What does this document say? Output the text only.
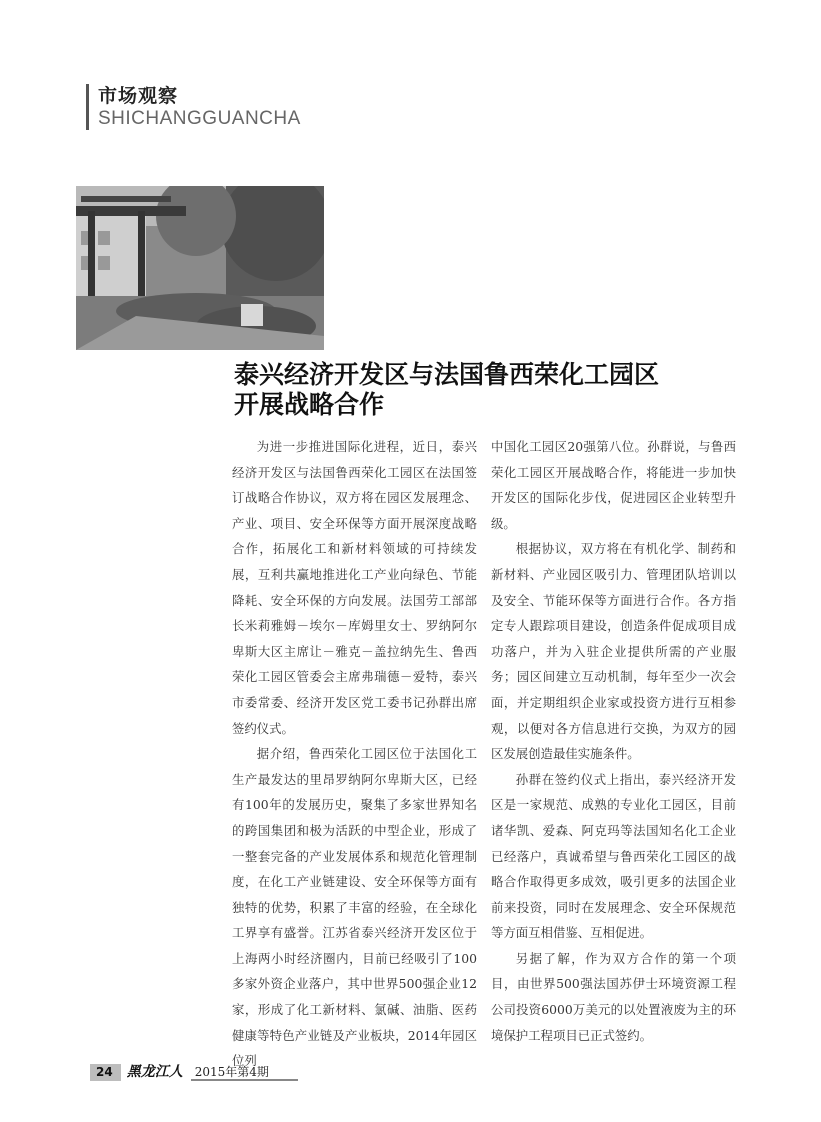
市场观察
SHICHANGGUANCHA
泰兴经济开发区与法国鲁西荣化工园区
开展战略合作

为进一步推进国际化进程，近日，泰兴经济开发区与法国鲁西荣化工园区在法国签订战略合作协议，双方将在园区发展理念、产业、项目、安全环保等方面开展深度战略合作，拓展化工和新材料领域的可持续发展，互利共赢地推进化工产业向绿色、节能降耗、安全环保的方向发展。法国劳工部部长米莉雅姆－埃尔－库姆里女士、罗纳阿尔卑斯大区主席让－雅克－盖拉纳先生、鲁西荣化工园区管委会主席弗瑞德－爱特，泰兴市委常委、经济开发区党工委书记孙群出席签约仪式。

据介绍，鲁西荣化工园区位于法国化工生产最发达的里昂罗纳阿尔卑斯大区，已经有100年的发展历史，聚集了多家世界知名的跨国集团和极为活跃的中型企业，形成了一整套完备的产业发展体系和规范化管理制度，在化工产业链建设、安全环保等方面有独特的优势，积累了丰富的经验，在全球化工界享有盛誉。江苏省泰兴经济开发区位于上海两小时经济圈内，目前已经吸引了100多家外资企业落户，其中世界500强企业12家，形成了化工新材料、氯碱、油脂、医药健康等特色产业链及产业板块，2014年园区位列

中国化工园区20强第八位。孙群说，与鲁西荣化工园区开展战略合作，将能进一步加快开发区的国际化步伐，促进园区企业转型升级。

根据协议，双方将在有机化学、制药和新材料、产业园区吸引力、管理团队培训以及安全、节能环保等方面进行合作。各方指定专人跟踪项目建设，创造条件促成项目成功落户，并为入驻企业提供所需的产业服务；园区间建立互动机制，每年至少一次会面，并定期组织企业家或投资方进行互相参观，以便对各方信息进行交换，为双方的园区发展创造最佳实施条件。

孙群在签约仪式上指出，泰兴经济开发区是一家规范、成熟的专业化工园区，目前诸华凯、爱森、阿克玛等法国知名化工企业已经落户，真诚希望与鲁西荣化工园区的战略合作取得更多成效，吸引更多的法国企业前来投资，同时在发展理念、安全环保规范等方面互相借鉴、互相促进。

另据了解，作为双方合作的第一个项目，由世界500强法国苏伊士环境资源工程公司投资6000万美元的以处置液废为主的环境保护工程项目已正式签约。

24	黑龙江人	2015年第4期
